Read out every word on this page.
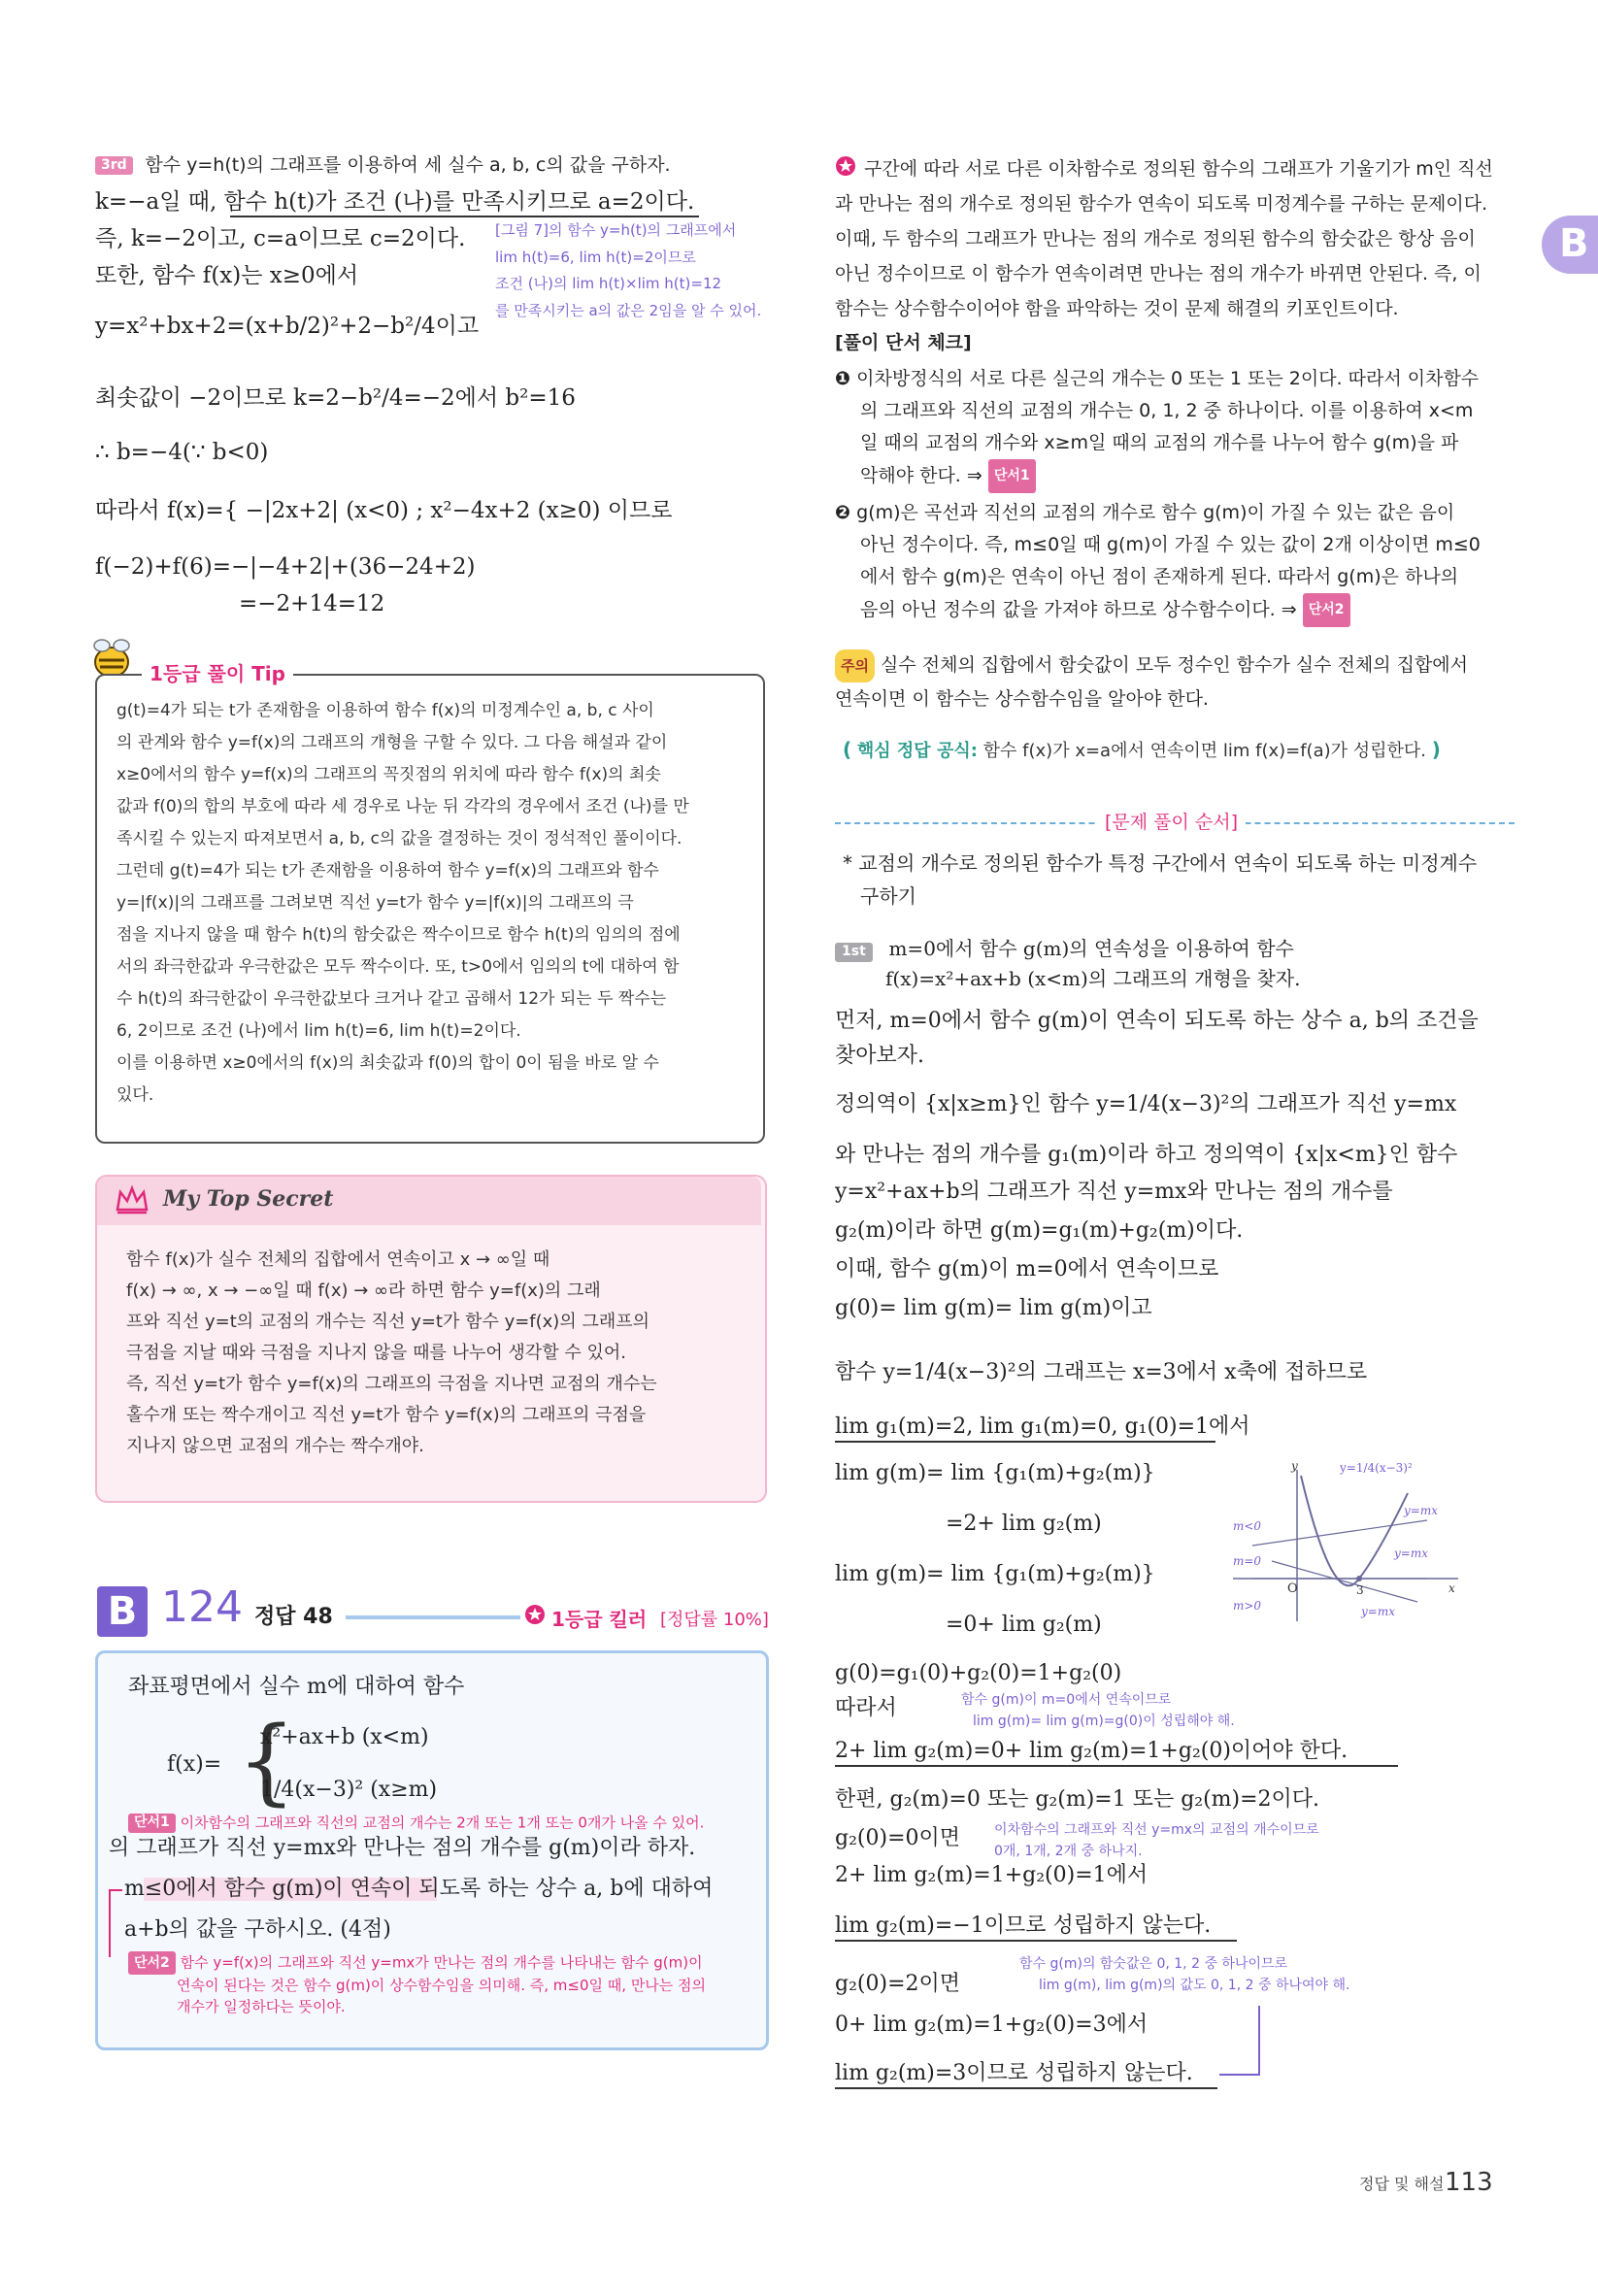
B
3rd 함수 y=h(t)의 그래프를 이용하여 세 실수 a, b, c의 값을 구하자.
k=−a일 때, 함수 h(t)가 조건 (나)를 만족시키므로 a=2이다.
즉, k=−2이고, c=a이므로 c=2이다.
또한, 함수 f(x)는 x≥0에서
[그림 7]의 함수 y=h(t)의 그래프에서
lim h(t)=6, lim h(t)=2이므로
조건 (나)의 lim h(t)×lim h(t)=12
를 만족시키는 a의 값은 2임을 알 수 있어.
y=x²+bx+2=(x+b/2)²+2−b²/4이고
최솟값이 −2이므로 k=2−b²/4=−2에서 b²=16
∴ b=−4(∵ b<0)
따라서 f(x)={ −|2x+2| (x<0) ; x²−4x+2 (x≥0) 이므로
f(−2)+f(6)=−|−4+2|+(36−24+2)
=−2+14=12
1등급 풀이 Tip
g(t)=4가 되는 t가 존재함을 이용하여 함수 f(x)의 미정계수인 a, b, c 사이
의 관계와 함수 y=f(x)의 그래프의 개형을 구할 수 있다. 그 다음 해설과 같이
x≥0에서의 함수 y=f(x)의 그래프의 꼭짓점의 위치에 따라 함수 f(x)의 최솟
값과 f(0)의 합의 부호에 따라 세 경우로 나눈 뒤 각각의 경우에서 조건 (나)를 만
족시킬 수 있는지 따져보면서 a, b, c의 값을 결정하는 것이 정석적인 풀이이다.
그런데 g(t)=4가 되는 t가 존재함을 이용하여 함수 y=f(x)의 그래프와 함수
y=|f(x)|의 그래프를 그려보면 직선 y=t가 함수 y=|f(x)|의 그래프의 극
점을 지나지 않을 때 함수 h(t)의 함숫값은 짝수이므로 함수 h(t)의 임의의 점에
서의 좌극한값과 우극한값은 모두 짝수이다. 또, t>0에서 임의의 t에 대하여 함
수 h(t)의 좌극한값이 우극한값보다 크거나 같고 곱해서 12가 되는 두 짝수는
6, 2이므로 조건 (나)에서 lim h(t)=6, lim h(t)=2이다.
이를 이용하면 x≥0에서의 f(x)의 최솟값과 f(0)의 합이 0이 됨을 바로 알 수
있다.
My Top Secret
함수 f(x)가 실수 전체의 집합에서 연속이고 x → ∞일 때
f(x) → ∞, x → −∞일 때 f(x) → ∞라 하면 함수 y=f(x)의 그래
프와 직선 y=t의 교점의 개수는 직선 y=t가 함수 y=f(x)의 그래프의
극점을 지날 때와 극점을 지나지 않을 때를 나누어 생각할 수 있어.
즉, 직선 y=t가 함수 y=f(x)의 그래프의 극점을 지나면 교점의 개수는
홀수개 또는 짝수개이고 직선 y=t가 함수 y=f(x)의 그래프의 극점을
지나지 않으면 교점의 개수는 짝수개야.
B 124 정답 48	1등급 킬러 [정답률 10%]
좌표평면에서 실수 m에 대하여 함수
f(x)= {
x²+ax+b (x<m)
1/4(x−3)² (x≥m)
단서1 이차함수의 그래프와 직선의 교점의 개수는 2개 또는 1개 또는 0개가 나올 수 있어.
의 그래프가 직선 y=mx와 만나는 점의 개수를 g(m)이라 하자.
m≤0에서 함수 g(m)이 연속이 되도록 하는 상수 a, b에 대하여
a+b의 값을 구하시오. (4점)
단서2 함수 y=f(x)의 그래프와 직선 y=mx가 만나는 점의 개수를 나타내는 함수 g(m)이
연속이 된다는 것은 함수 g(m)이 상수함수임을 의미해. 즉, m≤0일 때, 만나는 점의
개수가 일정하다는 뜻이야.
구간에 따라 서로 다른 이차함수로 정의된 함수의 그래프가 기울기가 m인 직선
과 만나는 점의 개수로 정의된 함수가 연속이 되도록 미정계수를 구하는 문제이다.
이때, 두 함수의 그래프가 만나는 점의 개수로 정의된 함수의 함숫값은 항상 음이
아닌 정수이므로 이 함수가 연속이려면 만나는 점의 개수가 바뀌면 안된다. 즉, 이
함수는 상수함수이어야 함을 파악하는 것이 문제 해결의 키포인트이다.
[풀이 단서 체크]
❶ 이차방정식의 서로 다른 실근의 개수는 0 또는 1 또는 2이다. 따라서 이차함수
의 그래프와 직선의 교점의 개수는 0, 1, 2 중 하나이다. 이를 이용하여 x<m
일 때의 교점의 개수와 x≥m일 때의 교점의 개수를 나누어 함수 g(m)을 파
악해야 한다. ⇒ 단서1
❷ g(m)은 곡선과 직선의 교점의 개수로 함수 g(m)이 가질 수 있는 값은 음이
아닌 정수이다. 즉, m≤0일 때 g(m)이 가질 수 있는 값이 2개 이상이면 m≤0
에서 함수 g(m)은 연속이 아닌 점이 존재하게 된다. 따라서 g(m)은 하나의
음의 아닌 정수의 값을 가져야 하므로 상수함수이다. ⇒ 단서2
주의 실수 전체의 집합에서 함숫값이 모두 정수인 함수가 실수 전체의 집합에서
연속이면 이 함수는 상수함수임을 알아야 한다.
( 핵심 정답 공식: 함수 f(x)가 x=a에서 연속이면 lim f(x)=f(a)가 성립한다. )
[문제 풀이 순서]
* 교점의 개수로 정의된 함수가 특정 구간에서 연속이 되도록 하는 미정계수
구하기
1st m=0에서 함수 g(m)의 연속성을 이용하여 함수
f(x)=x²+ax+b (x<m)의 그래프의 개형을 찾자.
먼저, m=0에서 함수 g(m)이 연속이 되도록 하는 상수 a, b의 조건을
찾아보자.
정의역이 {x|x≥m}인 함수 y=1/4(x−3)²의 그래프가 직선 y=mx
와 만나는 점의 개수를 g₁(m)이라 하고 정의역이 {x|x<m}인 함수
y=x²+ax+b의 그래프가 직선 y=mx와 만나는 점의 개수를
g₂(m)이라 하면 g(m)=g₁(m)+g₂(m)이다.
이때, 함수 g(m)이 m=0에서 연속이므로
g(0)= lim g(m)= lim g(m)이고
함수 y=1/4(x−3)²의 그래프는 x=3에서 x축에 접하므로
lim g₁(m)=2, lim g₁(m)=0, g₁(0)=1에서
lim g(m)= lim {g₁(m)+g₂(m)}
=2+ lim g₂(m)
lim g(m)= lim {g₁(m)+g₂(m)}
=0+ lim g₂(m)
g(0)=g₁(0)+g₂(0)=1+g₂(0)
따라서	함수 g(m)이 m=0에서 연속이므로
lim g(m)= lim g(m)=g(0)이 성립해야 해.
2+ lim g₂(m)=0+ lim g₂(m)=1+g₂(0)이어야 한다.
한편, g₂(m)=0 또는 g₂(m)=1 또는 g₂(m)=2이다.
g₂(0)=0이면 이차함수의 그래프와 직선 y=mx의 교점의 개수이므로
0개, 1개, 2개 중 하나지.
2+ lim g₂(m)=1+g₂(0)=1에서
lim g₂(m)=−1이므로 성립하지 않는다.
함수 g(m)의 함숫값은 0, 1, 2 중 하나이므로
lim g(m), lim g(m)의 값도 0, 1, 2 중 하나여야 해.
g₂(0)=2이면
0+ lim g₂(m)=1+g₂(0)=3에서
lim g₂(m)=3이므로 성립하지 않는다.
O	3
y
x
y=1/4(x−3)²
y=mx
y=mx
y=mx
m<0
m=0
m>0
정답 및 해설 113
